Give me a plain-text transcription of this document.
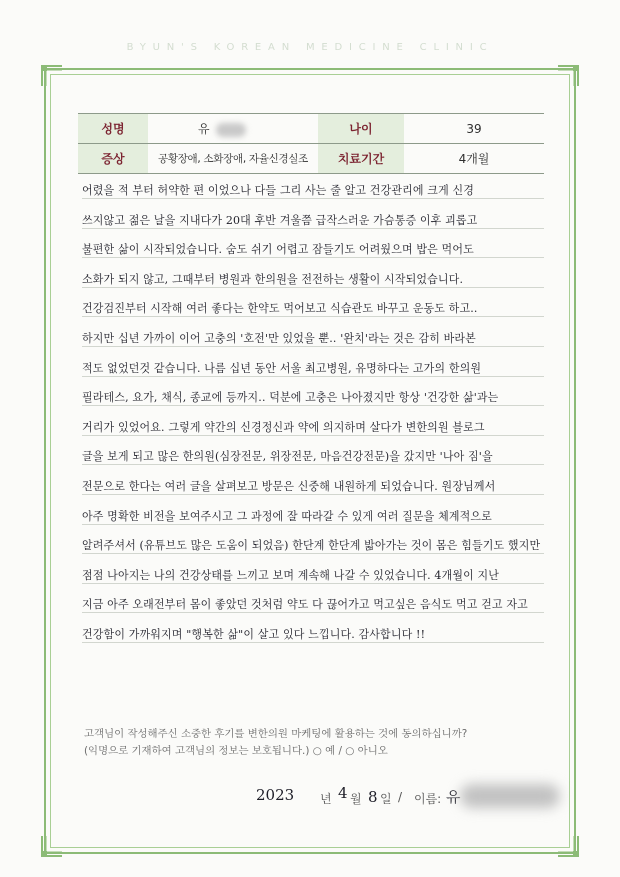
BYUN'S KOREAN MEDICINE CLINIC
성명	유	나이	39
증상	공황장애, 소화장애, 자율신경실조	치료기간	4개월
어렸을 적 부터 허약한 편 이었으나 다들 그리 사는 줄 알고 건강관리에 크게 신경
쓰지않고 젊은 날을 지내다가 20대 후반 겨울쯤 급작스러운 가슴통증 이후 괴롭고
불편한 삶이 시작되었습니다. 숨도 쉬기 어렵고 잠들기도 어려웠으며 밥은 먹어도
소화가 되지 않고, 그때부터 병원과 한의원을 전전하는 생활이 시작되었습니다.
건강검진부터 시작해 여러 좋다는 한약도 먹어보고 식습관도 바꾸고 운동도 하고..
하지만 십년 가까이 이어 고충의 '호전'만 있었을 뿐.. '완치'라는 것은 감히 바라본
적도 없었던것 같습니다. 나름 십년 동안 서울 최고병원, 유명하다는 고가의 한의원
필라테스, 요가, 채식, 종교에 등까지.. 덕분에 고충은 나아졌지만 항상 '건강한 삶'과는
거리가 있었어요. 그렇게 약간의 신경정신과 약에 의지하며 살다가 변한의원 블로그
글을 보게 되고 많은 한의원(심장전문, 위장전문, 마음건강전문)을 갔지만 '나아 짐'을
전문으로 한다는 여러 글을 살펴보고 방문은 신중해 내원하게 되었습니다. 원장님께서
아주 명확한 비전을 보여주시고 그 과정에 잘 따라갈 수 있게 여러 질문을 체계적으로
알려주셔서 (유튜브도 많은 도움이 되었음) 한단계 한단계 밟아가는 것이 몸은 힘들기도 했지만
점점 나아지는 나의 건강상태를 느끼고 보며 계속해 나갈 수 있었습니다. 4개월이 지난
지금 아주 오래전부터 몸이 좋았던 것처럼 약도 다 끊어가고 먹고싶은 음식도 먹고 걷고 자고
건강함이 가까워지며 "행복한 삶"이 살고 있다 느낍니다. 감사합니다 !!
고객님이 작성해주신 소중한 후기를 변한의원 마케팅에 활용하는 것에 동의하십니까?
(익명으로 기재하여 고객님의 정보는 보호됩니다.) ○ 예 / ○ 아니오
2023 년 4 월 8 일 / 이름: 유
